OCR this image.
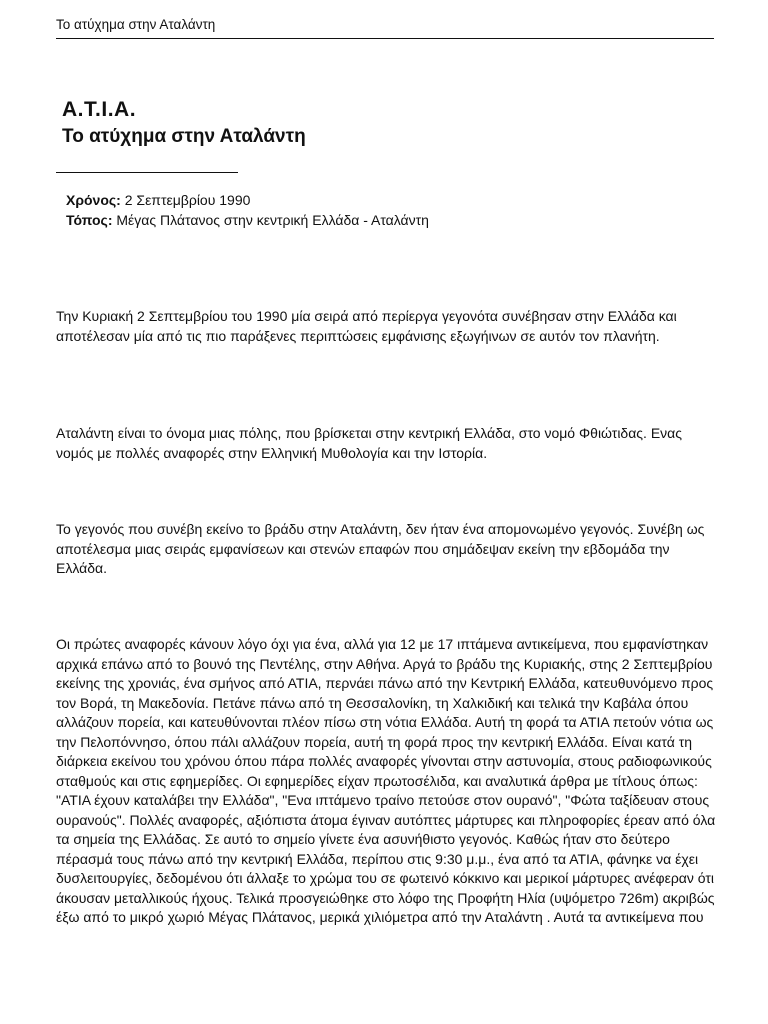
Το ατύχημα στην Αταλάντη
Α.Τ.Ι.Α.
Το ατύχημα στην Αταλάντη
Χρόνος: 2 Σεπτεμβρίου 1990
Τόπος: Μέγας Πλάτανος στην κεντρική Ελλάδα - Αταλάντη

Την Κυριακή 2 Σεπτεμβρίου του 1990 μία σειρά από περίεργα γεγονότα συνέβησαν στην Ελλάδα και αποτέλεσαν μία από τις πιο παράξενες περιπτώσεις εμφάνισης εξωγήινων σε αυτόν τον πλανήτη.

Αταλάντη είναι το όνομα μιας πόλης, που βρίσκεται στην κεντρική Ελλάδα, στο νομό Φθιώτιδας. Ενας νομός με πολλές αναφορές στην Ελληνική Μυθολογία και την Ιστορία.

Το γεγονός που συνέβη εκείνο το βράδυ στην Αταλάντη, δεν ήταν ένα απομονωμένο γεγονός. Συνέβη ως αποτέλεσμα μιας σειράς εμφανίσεων και στενών επαφών που σημάδεψαν εκείνη την εβδομάδα την Ελλάδα.

Οι πρώτες αναφορές κάνουν λόγο όχι για ένα, αλλά για 12 με 17 ιπτάμενα αντικείμενα, που εμφανίστηκαν αρχικά επάνω από το βουνό της Πεντέλης, στην Αθήνα. Αργά το βράδυ της Κυριακής, στης 2 Σεπτεμβρίου εκείνης της χρονιάς, ένα σμήνος από ΑΤΙΑ, περνάει πάνω από την Κεντρική Ελλάδα, κατευθυνόμενο προς τον Βορά, τη Μακεδονία. Πετάνε πάνω από τη Θεσσαλονίκη, τη Χαλκιδική και τελικά την Καβάλα όπου αλλάζουν πορεία, και κατευθύνονται πλέον πίσω στη νότια Ελλάδα. Αυτή τη φορά τα ΑΤΙΑ πετούν νότια ως την Πελοπόννησο, όπου πάλι αλλάζουν πορεία, αυτή τη φορά προς την κεντρική Ελλάδα. Είναι κατά τη διάρκεια εκείνου του χρόνου όπου πάρα πολλές αναφορές γίνονται στην αστυνομία, στους ραδιοφωνικούς σταθμούς και στις εφημερίδες. Οι εφημερίδες είχαν πρωτοσέλιδα, και αναλυτικά άρθρα με τίτλους όπως: "ΑΤΙΑ έχουν καταλάβει την Ελλάδα", "Ενα ιπτάμενο τραίνο πετούσε στον ουρανό", "Φώτα ταξίδευαν στους ουρανούς". Πολλές αναφορές, αξιόπιστα άτομα έγιναν αυτόπτες μάρτυρες και πληροφορίες έρεαν από όλα τα σημεία της Ελλάδας. Σε αυτό το σημείο γίνετε ένα ασυνήθιστο γεγονός. Καθώς ήταν στο δεύτερο πέρασμά τους πάνω από την κεντρική Ελλάδα, περίπου στις 9:30 μ.μ., ένα από τα ΑΤΙΑ, φάνηκε να έχει δυσλειτουργίες, δεδομένου ότι άλλαξε το χρώμα του σε φωτεινό κόκκινο και μερικοί μάρτυρες ανέφεραν ότι άκουσαν μεταλλικούς ήχους. Τελικά προσγειώθηκε στο λόφο της Προφήτη Ηλία (υψόμετρο 726m) ακριβώς έξω από το μικρό χωριό Μέγας Πλάτανος, μερικά χιλιόμετρα από την Αταλάντη . Αυτά τα αντικείμενα που
